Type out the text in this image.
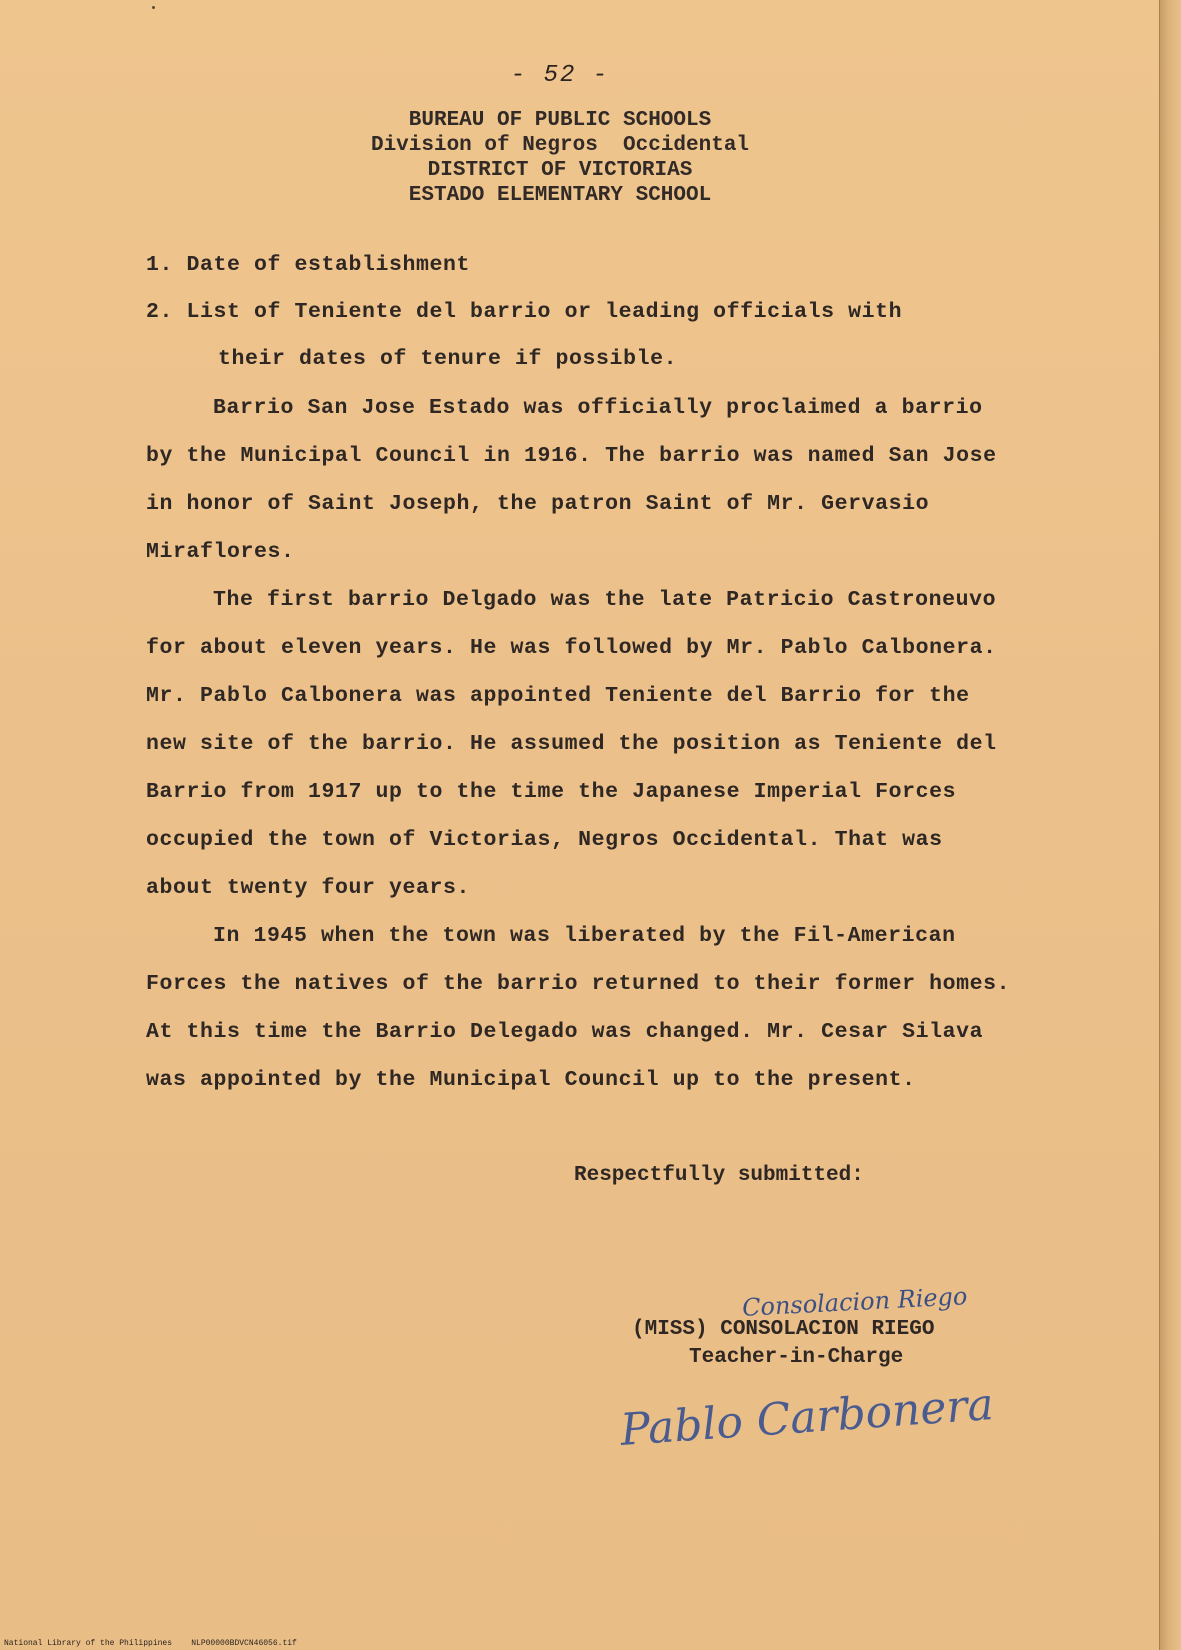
- 52 -
BUREAU OF PUBLIC SCHOOLS
Division of Negros  Occidental
DISTRICT OF VICTORIAS
ESTADO ELEMENTARY SCHOOL
1. Date of establishment
2. List of Teniente del barrio or leading officials with
their dates of tenure if possible.
Barrio San Jose Estado was officially proclaimed a barrio
by the Municipal Council in 1916. The barrio was named San Jose
in honor of Saint Joseph, the patron Saint of Mr. Gervasio
Miraflores.
The first barrio Delgado was the late Patricio Castroneuvo
for about eleven years. He was followed by Mr. Pablo Calbonera.
Mr. Pablo Calbonera was appointed Teniente del Barrio for the
new site of the barrio. He assumed the position as Teniente del
Barrio from 1917 up to the time the Japanese Imperial Forces
occupied the town of Victorias, Negros Occidental. That was
about twenty four years.
In 1945 when the town was liberated by the Fil-American
Forces the natives of the barrio returned to their former homes.
At this time the Barrio Delegado was changed. Mr. Cesar Silava
was appointed by the Municipal Council up to the present.
Respectfully submitted:
Consolacion Riego
(MISS) CONSOLACION RIEGO
Teacher-in-Charge
Pablo Carbonera
National Library of the Philippines    NLP00000BDVCN46056.tif
